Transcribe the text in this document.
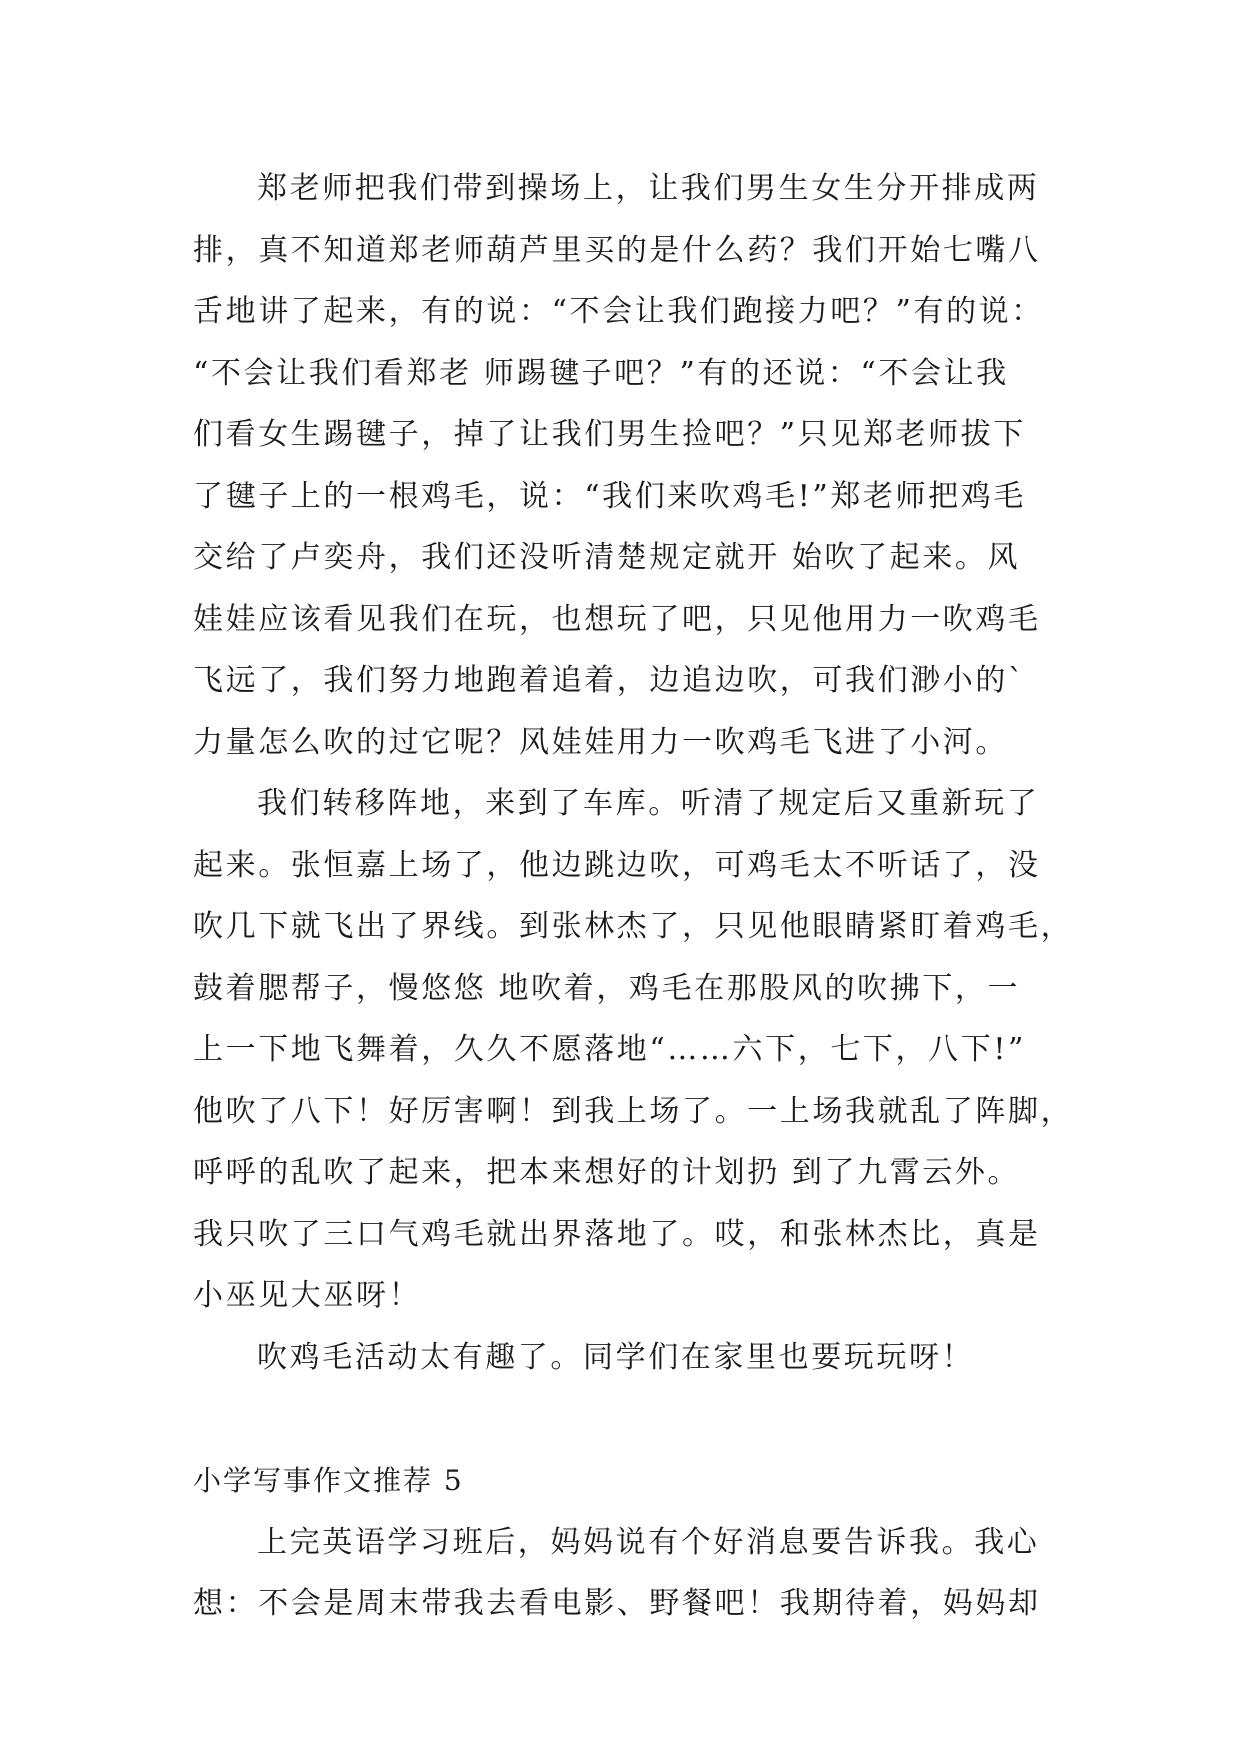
郑老师把我们带到操场上，让我们男生女生分开排成两
排，真不知道郑老师葫芦里买的是什么药？我们开始七嘴八
舌地讲了起来，有的说：“不会让我们跑接力吧？”有的说：
“不会让我们看郑老 师踢毽子吧？”有的还说：“不会让我
们看女生踢毽子，掉了让我们男生捡吧？”只见郑老师拔下
了毽子上的一根鸡毛，说：“我们来吹鸡毛!”郑老师把鸡毛
交给了卢奕舟，我们还没听清楚规定就开 始吹了起来。风
娃娃应该看见我们在玩，也想玩了吧，只见他用力一吹鸡毛
飞远了，我们努力地跑着追着，边追边吹，可我们渺小的`
力量怎么吹的过它呢？风娃娃用力一吹鸡毛飞进了小河。
我们转移阵地，来到了车库。听清了规定后又重新玩了
起来。张恒嘉上场了，他边跳边吹，可鸡毛太不听话了，没
吹几下就飞出了界线。到张林杰了，只见他眼睛紧盯着鸡毛，
鼓着腮帮子，慢悠悠 地吹着，鸡毛在那股风的吹拂下，一
上一下地飞舞着，久久不愿落地“……六下，七下，八下!”
他吹了八下！好厉害啊！到我上场了。一上场我就乱了阵脚，
呼呼的乱吹了起来，把本来想好的计划扔 到了九霄云外。
我只吹了三口气鸡毛就出界落地了。哎，和张林杰比，真是
小巫见大巫呀！
吹鸡毛活动太有趣了。同学们在家里也要玩玩呀！
小学写事作文推荐 5
上完英语学习班后，妈妈说有个好消息要告诉我。我心
想：不会是周末带我去看电影、野餐吧！我期待着，妈妈却
